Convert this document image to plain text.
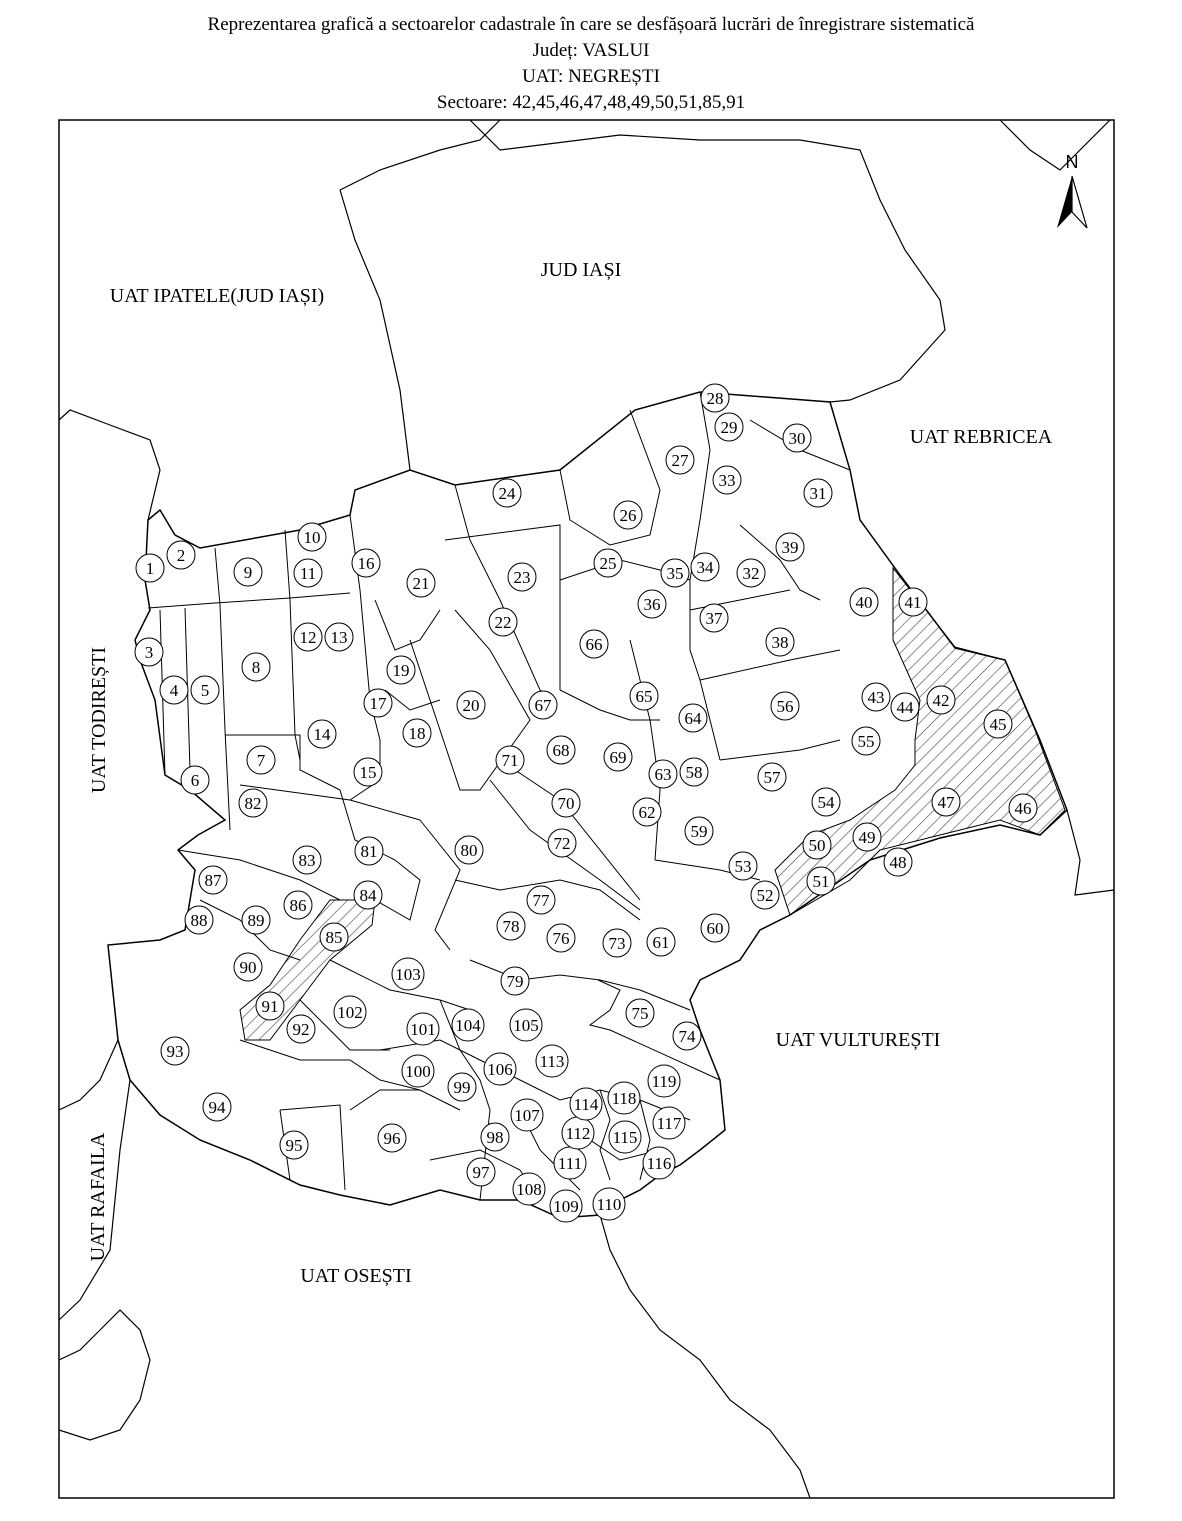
Reprezentarea grafică a sectoarelor cadastrale în care se desfășoară lucrări de înregistrare sistematică
Județ: VASLUI
UAT: NEGREȘTI
Sectoare: 42,45,46,47,48,49,50,51,85,91
N
UAT IPATELE(JUD IAȘI)
JUD IAȘI
UAT REBRICEA
UAT VULTUREȘTI
UAT OSEȘTI
UAT TODIREȘTI
UAT RAFAILA
1
2
3
4 5
6
7
8
9
10
11
12 13
14
15
16
17
18
19
20
21
22
23
24
25
26
27
28
29
30
31
32
33
34
35
36
37
38
39
40 41
42
43
44
45
46
47
48
49
50
51
52
53
54
55
56
57
58
59
60
61
62
63
64
65
66
67
68 69
70
71
72
73
74
75
76
77
78
79
80
81
82
83
84
85
86
87
88 89
90
91
92
93
94
95	96
97
98
99
100
101
102
103
104 105
106
107
108
109 110
111
112
113
114
115
116
117
118
119
